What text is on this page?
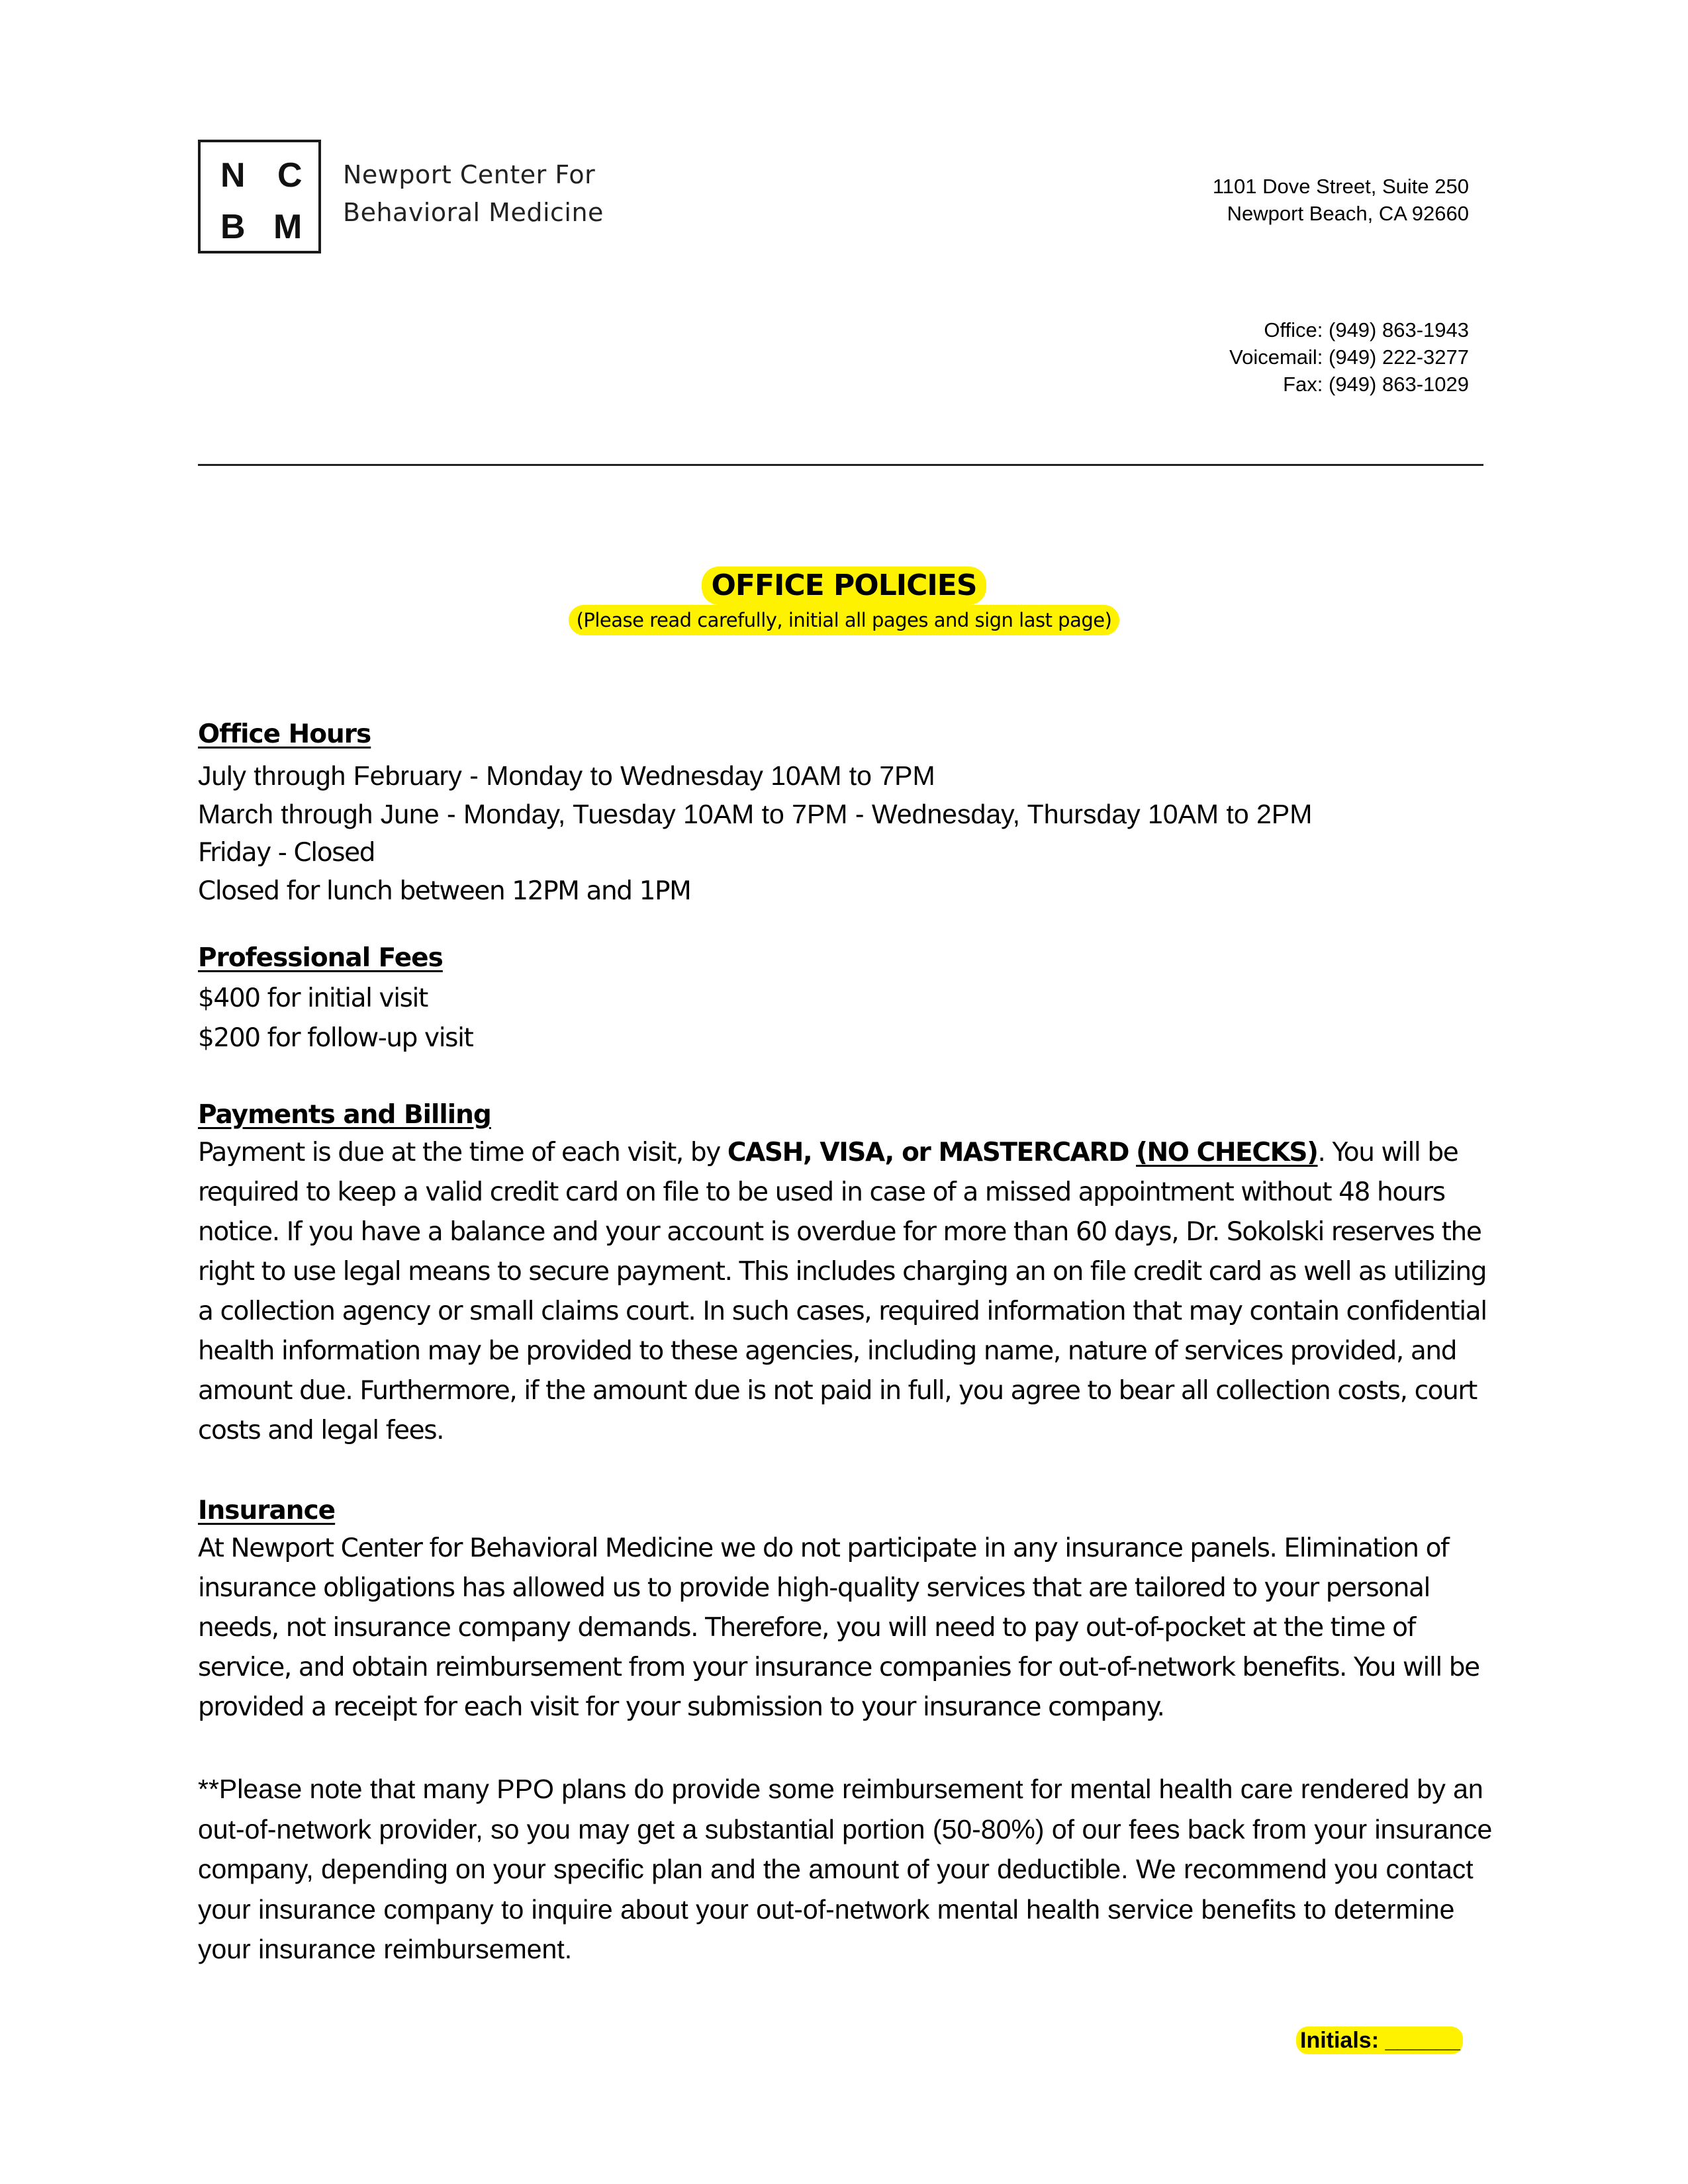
N C
B M
Newport Center For
Behavioral Medicine
1101 Dove Street, Suite 250
Newport Beach, CA 92660
Office: (949) 863-1943
Voicemail: (949) 222-3277
Fax: (949) 863-1029
OFFICE POLICIES
(Please read carefully, initial all pages and sign last page)
Office Hours
July through February - Monday to Wednesday 10AM to 7PM
March through June - Monday, Tuesday 10AM to 7PM - Wednesday, Thursday 10AM to 2PM
Friday - Closed
Closed for lunch between 12PM and 1PM
Professional Fees
$400 for initial visit
$200 for follow-up visit
Payments and Billing
Payment is due at the time of each visit, by CASH, VISA, or MASTERCARD (NO CHECKS). You will be required to keep a valid credit card on file to be used in case of a missed appointment without 48 hours notice. If you have a balance and your account is overdue for more than 60 days, Dr. Sokolski reserves the right to use legal means to secure payment. This includes charging an on file credit card as well as utilizing a collection agency or small claims court. In such cases, required information that may contain confidential health information may be provided to these agencies, including name, nature of services provided, and amount due. Furthermore, if the amount due is not paid in full, you agree to bear all collection costs, court costs and legal fees.
Insurance
At Newport Center for Behavioral Medicine we do not participate in any insurance panels. Elimination of insurance obligations has allowed us to provide high-quality services that are tailored to your personal needs, not insurance company demands. Therefore, you will need to pay out-of-pocket at the time of service, and obtain reimbursement from your insurance companies for out-of-network benefits. You will be provided a receipt for each visit for your submission to your insurance company.
**Please note that many PPO plans do provide some reimbursement for mental health care rendered by an out-of-network provider, so you may get a substantial portion (50-80%) of our fees back from your insurance company, depending on your specific plan and the amount of your deductible. We recommend you contact your insurance company to inquire about your out-of-network mental health service benefits to determine your insurance reimbursement.
Initials: ______
